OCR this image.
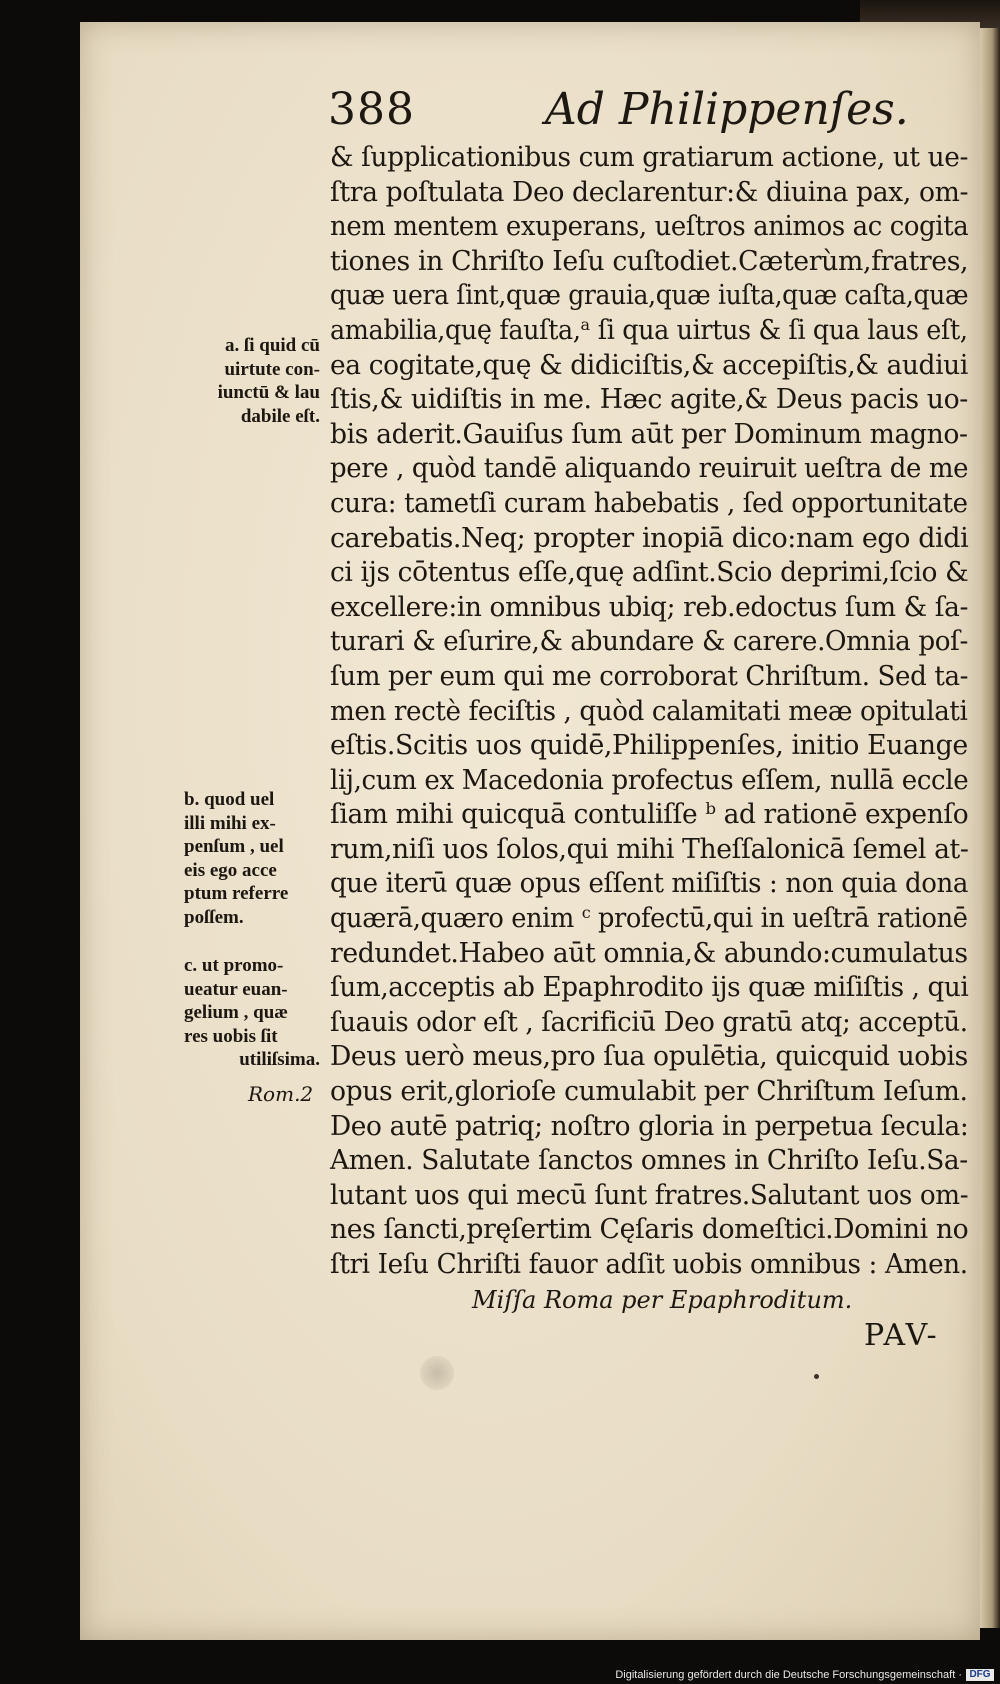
388	Ad Philippenſes.
& ſupplicationibus cum gratiarum actione, ut ue-
ſtra poſtulata Deo declarentur:& diuina pax, om-
nem mentem exuperans, ueſtros animos ac cogita
tiones in Chriſto Ieſu cuſtodiet.Cæterùm,fratres,
quæ uera ſint,quæ grauia,quæ iuſta,quæ caſta,quæ
amabilia,quę fauſta,ᵃ ſi qua uirtus & ſi qua laus eſt,
ea cogitate,quę & didiciſtis,& accepiſtis,& audiui
ſtis,& uidiſtis in me. Hæc agite,& Deus pacis uo-
bis aderit.Gauiſus ſum aūt per Dominum magno-
pere , quòd tandē aliquando reuiruit ueſtra de me
cura: tametſi curam habebatis , ſed opportunitate
carebatis.Neq; propter inopiā dico:nam ego didi
ci ijs cōtentus eſſe,quę adſint.Scio deprimi,ſcio &
excellere:in omnibus ubiq; reb.edoctus ſum & ſa-
turari & eſurire,& abundare & carere.Omnia poſ-
ſum per eum qui me corroborat Chriſtum. Sed ta-
men rectè feciſtis , quòd calamitati meæ opitulati
eſtis.Scitis uos quidē,Philippenſes, initio Euange
lij,cum ex Macedonia profectus eſſem, nullā eccle
ſiam mihi quicquā contuliſſe ᵇ ad rationē expenſo
rum,niſi uos ſolos,qui mihi Theſſalonicā ſemel at-
que iterū quæ opus eſſent miſiſtis : non quia dona
quærā,quæro enim ᶜ profectū,qui in ueſtrā rationē
redundet.Habeo aūt omnia,& abundo:cumulatus
ſum,acceptis ab Epaphrodito ijs quæ miſiſtis , qui
ſuauis odor eſt , ſacrificiū Deo gratū atq; acceptū.
Deus uerò meus,pro ſua opulētia, quicquid uobis
opus erit,glorioſe cumulabit per Chriſtum Ieſum.
Deo autē patriq; noſtro gloria in perpetua ſecula:
Amen. Salutate ſanctos omnes in Chriſto Ieſu.Sa-
lutant uos qui mecū ſunt fratres.Salutant uos om-
nes ſancti,pręſertim Cęſaris domeſtici.Domini no
ſtri Ieſu Chriſti fauor adſit uobis omnibus : Amen.
Miſſa Roma per Epaphroditum.
PAV-
a. ſi quid cū
uirtute con-
iunctū & lau
dabile eſt.
b. quod uel
illi mihi ex-
penſum , uel
eis ego acce
ptum referre
poſſem.
c. ut promo-
ueatur euan-
gelium , quæ
res uobis ſit
utiliſsima.
Rom.2
Digitalisierung gefördert durch die Deutsche Forschungsgemeinschaft · DFG
